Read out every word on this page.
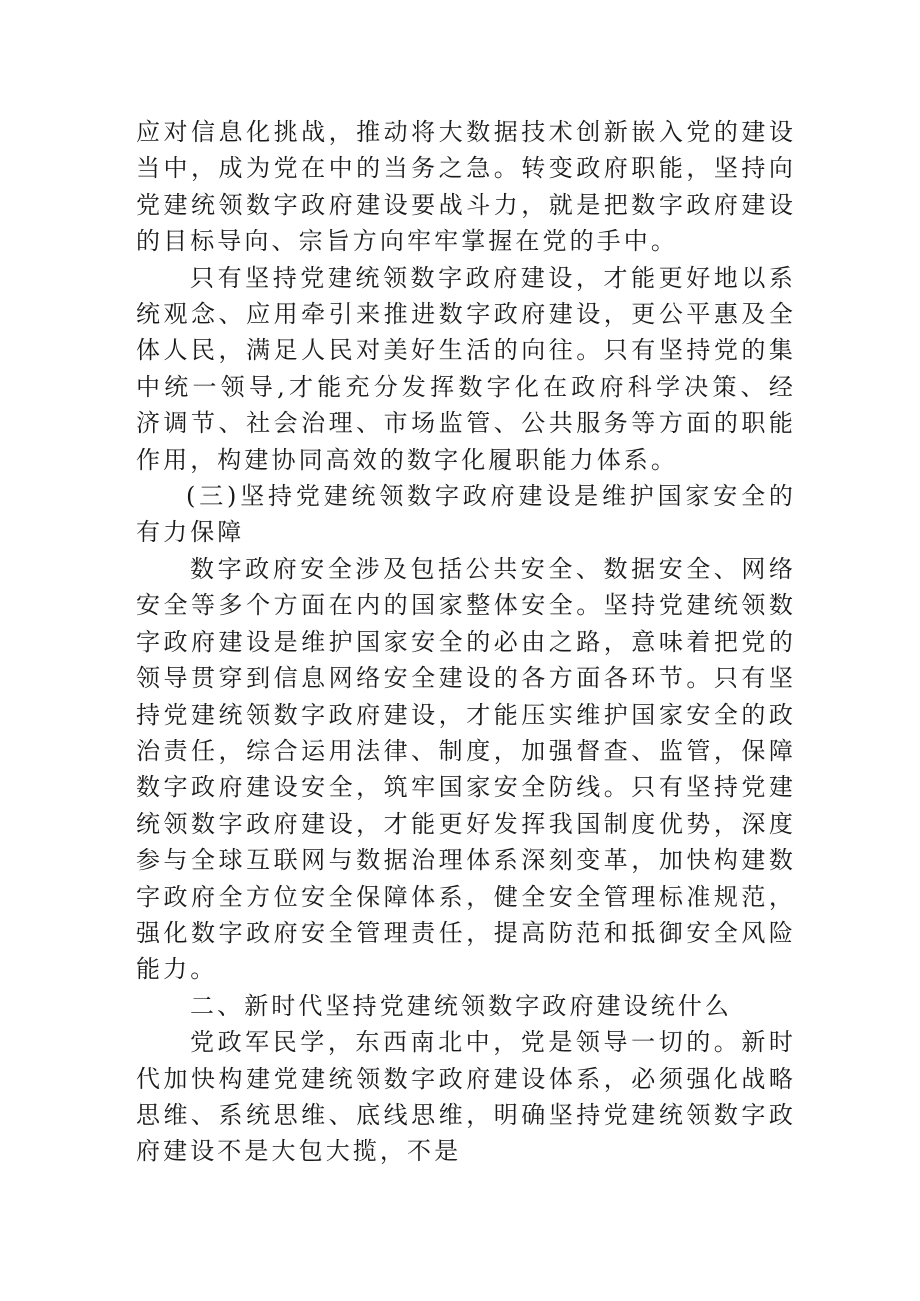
应对信息化挑战，推动将大数据技术创新嵌入党的建设当中，成为党在中的当务之急。转变政府职能，坚持向党建统领数字政府建设要战斗力，就是把数字政府建设的目标导向、宗旨方向牢牢掌握在党的手中。

只有坚持党建统领数字政府建设，才能更好地以系统观念、应用牵引来推进数字政府建设，更公平惠及全体人民，满足人民对美好生活的向往。只有坚持党的集中统一领导,才能充分发挥数字化在政府科学决策、经济调节、社会治理、市场监管、公共服务等方面的职能作用，构建协同高效的数字化履职能力体系。

(三)坚持党建统领数字政府建设是维护国家安全的有力保障

数字政府安全涉及包括公共安全、数据安全、网络安全等多个方面在内的国家整体安全。坚持党建统领数字政府建设是维护国家安全的必由之路，意味着把党的领导贯穿到信息网络安全建设的各方面各环节。只有坚持党建统领数字政府建设，才能压实维护国家安全的政治责任，综合运用法律、制度，加强督查、监管，保障数字政府建设安全，筑牢国家安全防线。只有坚持党建统领数字政府建设，才能更好发挥我国制度优势，深度参与全球互联网与数据治理体系深刻变革，加快构建数字政府全方位安全保障体系，健全安全管理标准规范，强化数字政府安全管理责任，提高防范和抵御安全风险能力。

二、新时代坚持党建统领数字政府建设统什么

党政军民学，东西南北中，党是领导一切的。新时代加快构建党建统领数字政府建设体系，必须强化战略思维、系统思维、底线思维，明确坚持党建统领数字政府建设不是大包大揽，不是
